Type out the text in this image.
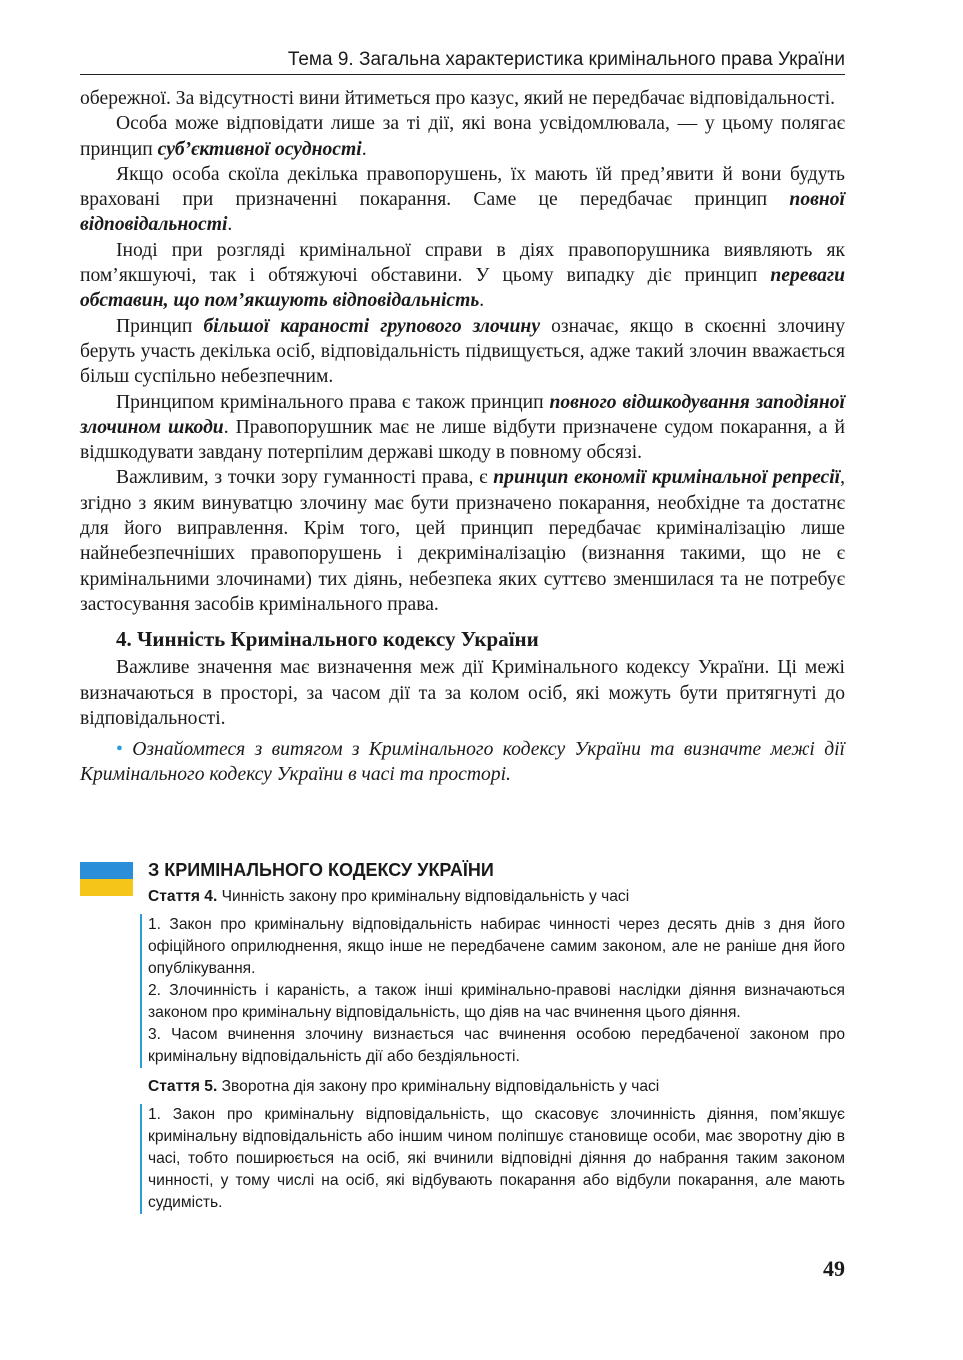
Тема 9. Загальна характеристика кримінального права України

обережної. За відсутності вини йтиметься про казус, який не передбачає відповідальності.

Особа може відповідати лише за ті дії, які вона усвідомлювала, — у цьому полягає принцип суб’єктивної осудності.

Якщо особа скоїла декілька правопорушень, їх мають їй пред’явити й вони будуть враховані при призначенні покарання. Саме це передбачає принцип повної відповідальності.

Іноді при розгляді кримінальної справи в діях правопорушника виявляють як пом’якшуючі, так і обтяжуючі обставини. У цьому випадку діє принцип переваги обставин, що пом’якшують відповідальність.

Принцип більшої караності групового злочину означає, якщо в скоєнні злочину беруть участь декілька осіб, відповідальність підвищується, адже такий злочин вважається більш суспільно небезпечним.

Принципом кримінального права є також принцип повного відшкодування заподіяної злочином шкоди. Правопорушник має не лише відбути призначене судом покарання, а й відшкодувати завдану потерпілим державі шкоду в повному обсязі.

Важливим, з точки зору гуманності права, є принцип економії кримінальної репресії, згідно з яким винуватцю злочину має бути призначено покарання, необхідне та достатнє для його виправлення. Крім того, цей принцип передбачає криміналізацію лише найнебезпечніших правопорушень і декриміналізацію (визнання такими, що не є кримінальними злочинами) тих діянь, небезпека яких суттєво зменшилася та не потребує застосування засобів кримінального права.

4. Чинність Кримінального кодексу України

Важливе значення має визначення меж дії Кримінального кодексу України. Ці межі визначаються в просторі, за часом дії та за колом осіб, які можуть бути притягнуті до відповідальності.

• Ознайомтеся з витягом з Кримінального кодексу України та визначте межі дії Кримінального кодексу України в часі та просторі.

З КРИМІНАЛЬНОГО КОДЕКСУ УКРАЇНИ
Стаття 4. Чинність закону про кримінальну відповідальність у часі

1. Закон про кримінальну відповідальність набирає чинності через десять днів з дня його офіційного оприлюднення, якщо інше не передбачене самим законом, але не раніше дня його опублікування.

2. Злочинність і караність, а також інші кримінально-правові наслідки діяння визначаються законом про кримінальну відповідальність, що діяв на час вчинення цього діяння.

3. Часом вчинення злочину визнається час вчинення особою передбаченої законом про кримінальну відповідальність дії або бездіяльності.

Стаття 5. Зворотна дія закону про кримінальну відповідальність у часі

1. Закон про кримінальну відповідальність, що скасовує злочинність діяння, пом’якшує кримінальну відповідальність або іншим чином поліпшує становище особи, має зворотну дію в часі, тобто поширюється на осіб, які вчинили відповідні діяння до набрання таким законом чинності, у тому числі на осіб, які відбувають покарання або відбули покарання, але мають судимість.

49
